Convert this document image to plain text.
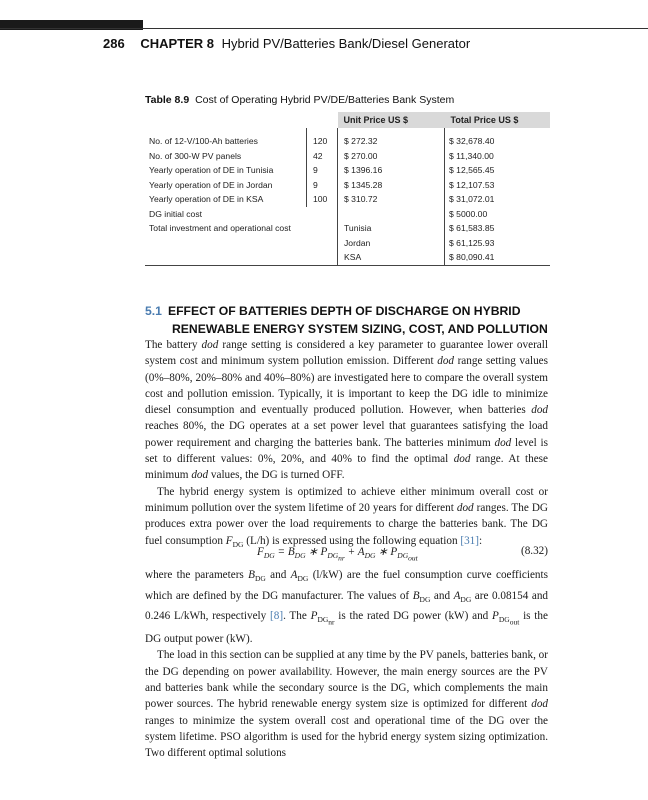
286 CHAPTER 8 Hybrid PV/Batteries Bank/Diesel Generator
Table 8.9 Cost of Operating Hybrid PV/DE/Batteries Bank System
		Unit Price US $	Total Price US $
No. of 12-V/100-Ah batteries	120	$ 272.32	$ 32,678.40
No. of 300-W PV panels	42	$ 270.00	$ 11,340.00
Yearly operation of DE in Tunisia	9	$ 1396.16	$ 12,565.45
Yearly operation of DE in Jordan	9	$ 1345.28	$ 12,107.53
Yearly operation of DE in KSA	100	$ 310.72	$ 31,072.01
DG initial cost			$ 5000.00
Total investment and operational cost		Tunisia	$ 61,583.85
		Jordan	$ 61,125.93
		KSA	$ 80,090.41
5.1 EFFECT OF BATTERIES DEPTH OF DISCHARGE ON HYBRID
RENEWABLE ENERGY SYSTEM SIZING, COST, AND POLLUTION

The battery dod range setting is considered a key parameter to guarantee lower overall system cost and minimum system pollution emission. Different dod range setting values (0%–80%, 20%–80% and 40%–80%) are investigated here to compare the overall system cost and pollution emission. Typically, it is important to keep the DG idle to minimize diesel consumption and eventually produced pollution. However, when batteries dod reaches 80%, the DG operates at a set power level that guarantees satisfying the load power requirement and charging the batteries bank. The batteries minimum dod level is set to different values: 0%, 20%, and 40% to find the optimal dod range. At these minimum dod values, the DG is turned OFF.

The hybrid energy system is optimized to achieve either minimum overall cost or minimum pollution over the system lifetime of 20 years for different dod ranges. The DG produces extra power over the load requirements to charge the batteries bank. The DG fuel consumption $F_{DG}$ (L/h) is expressed using the following equation [31]:

$F_{DG} = B_{DG}$ ∗ $P_{DG_{nr}} + A_{DG}$ ∗ $P_{DG_{out}}$
(8.32)

where the parameters $B_{DG}$ and $A_{DG}$ (l/kW) are the fuel consumption curve coefficients which are defined by the DG manufacturer. The values of $B_{DG}$ and $A_{DG}$ are 0.08154 and 0.246 L/kWh, respectively [8]. The $P_{DG_{nr}}$ is the rated DG power (kW) and $P_{DG_{out}}$ is the DG output power (kW).

The load in this section can be supplied at any time by the PV panels, batteries bank, or the DG depending on power availability. However, the main energy sources are the PV and batteries bank while the secondary source is the DG, which complements the main power sources. The hybrid renewable energy system size is optimized for different dod ranges to minimize the system overall cost and operational time of the DG over the system lifetime. PSO algorithm is used for the hybrid energy system sizing optimization. Two different optimal solutions
